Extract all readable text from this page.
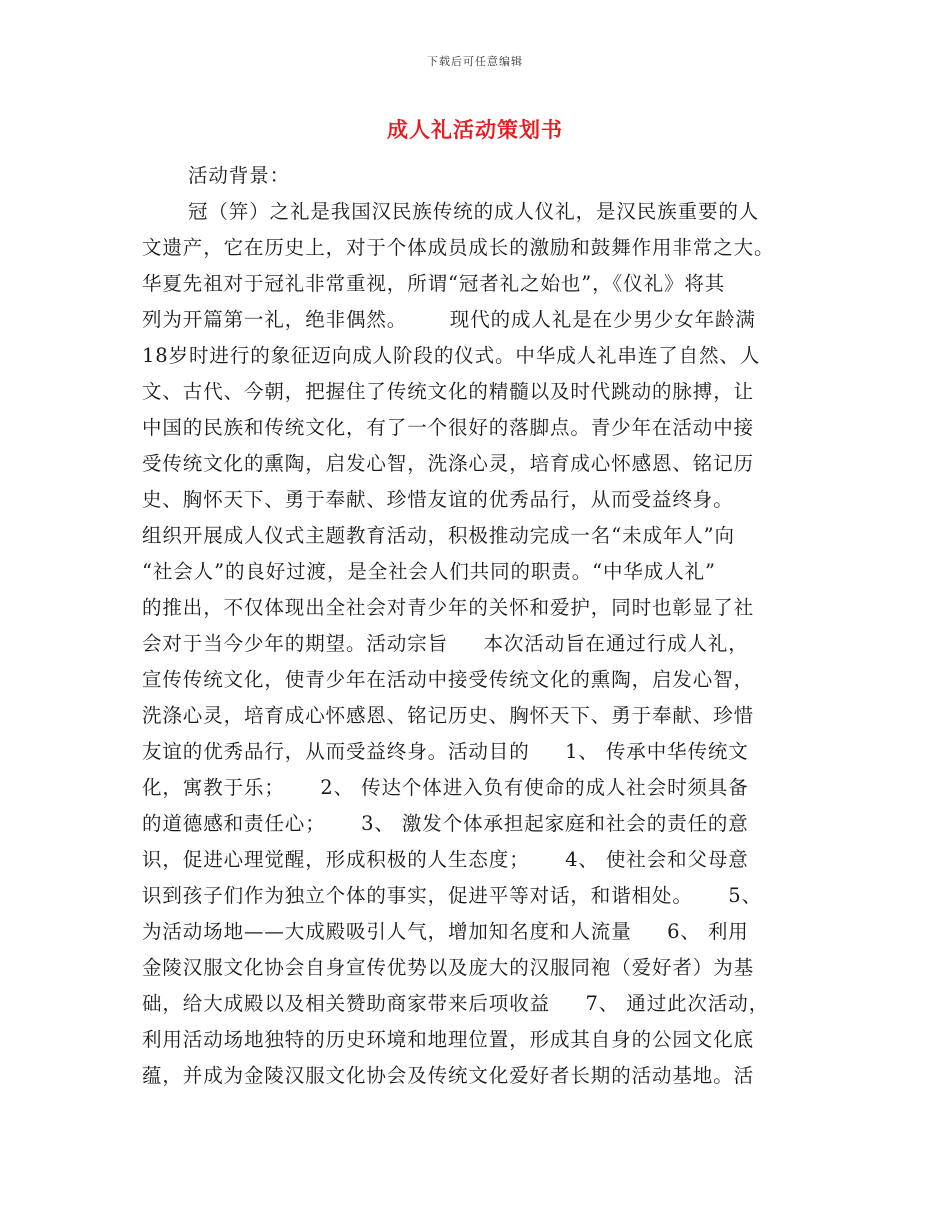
下载后可任意编辑
成人礼活动策划书
活动背景：
冠（笄）之礼是我国汉民族传统的成人仪礼，是汉民族重要的人
文遗产，它在历史上，对于个体成员成长的激励和鼓舞作用非常之大。
华夏先祖对于冠礼非常重视，所谓“冠者礼之始也”，《仪礼》将其
列为开篇第一礼，绝非偶然。      现代的成人礼是在少男少女年龄满
18岁时进行的象征迈向成人阶段的仪式。中华成人礼串连了自然、人
文、古代、今朝，把握住了传统文化的精髓以及时代跳动的脉搏，让
中国的民族和传统文化，有了一个很好的落脚点。青少年在活动中接
受传统文化的熏陶，启发心智，洗涤心灵，培育成心怀感恩、铭记历
史、胸怀天下、勇于奉献、珍惜友谊的优秀品行，从而受益终身。
组织开展成人仪式主题教育活动，积极推动完成一名“未成年人”向
“社会人”的良好过渡，是全社会人们共同的职责。“中华成人礼”
的推出，不仅体现出全社会对青少年的关怀和爱护，同时也彰显了社
会对于当今少年的期望。活动宗旨     本次活动旨在通过行成人礼，
宣传传统文化，使青少年在活动中接受传统文化的熏陶，启发心智，
洗涤心灵，培育成心怀感恩、铭记历史、胸怀天下、勇于奉献、珍惜
友谊的优秀品行，从而受益终身。活动目的     1、 传承中华传统文
化，寓教于乐；     2、 传达个体进入负有使命的成人社会时须具备
的道德感和责任心；     3、 激发个体承担起家庭和社会的责任的意
识，促进心理觉醒，形成积极的人生态度；     4、 使社会和父母意
识到孩子们作为独立个体的事实，促进平等对话，和谐相处。     5、
为活动场地——大成殿吸引人气，增加知名度和人流量     6、 利用
金陵汉服文化协会自身宣传优势以及庞大的汉服同袍（爱好者）为基
础，给大成殿以及相关赞助商家带来后项收益     7、 通过此次活动，
利用活动场地独特的历史环境和地理位置，形成其自身的公园文化底
蕴，并成为金陵汉服文化协会及传统文化爱好者长期的活动基地。活
